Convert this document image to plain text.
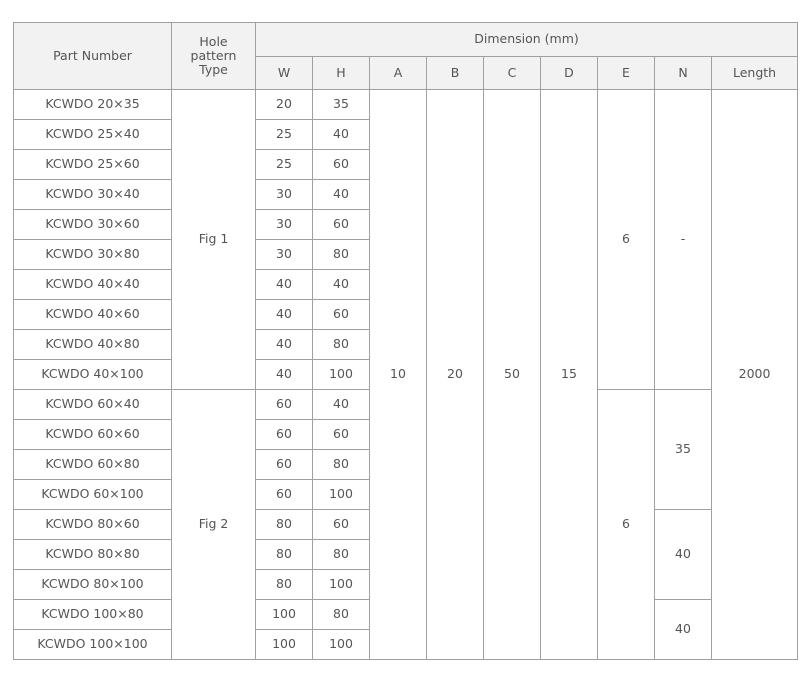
Part Number	Hole pattern Type	Dimension (mm)								
		W	H	A	B	C	D	E	N	Length
KCWDO 20×35	Fig 1	20	35	10	20	50	15	6	-	2000
KCWDO 25×40		25	40							
KCWDO 25×60		25	60							
KCWDO 30×40		30	40							
KCWDO 30×60		30	60							
KCWDO 30×80		30	80							
KCWDO 40×40		40	40							
KCWDO 40×60		40	60							
KCWDO 40×80		40	80							
KCWDO 40×100		40	100							
KCWDO 60×40	Fig 2	60	40					6	35	
KCWDO 60×60		60	60							
KCWDO 60×80		60	80							
KCWDO 60×100		60	100							
KCWDO 80×60		80	60						40	
KCWDO 80×80		80	80							
KCWDO 80×100		80	100							
KCWDO 100×80		100	80						40	
KCWDO 100×100		100	100							
